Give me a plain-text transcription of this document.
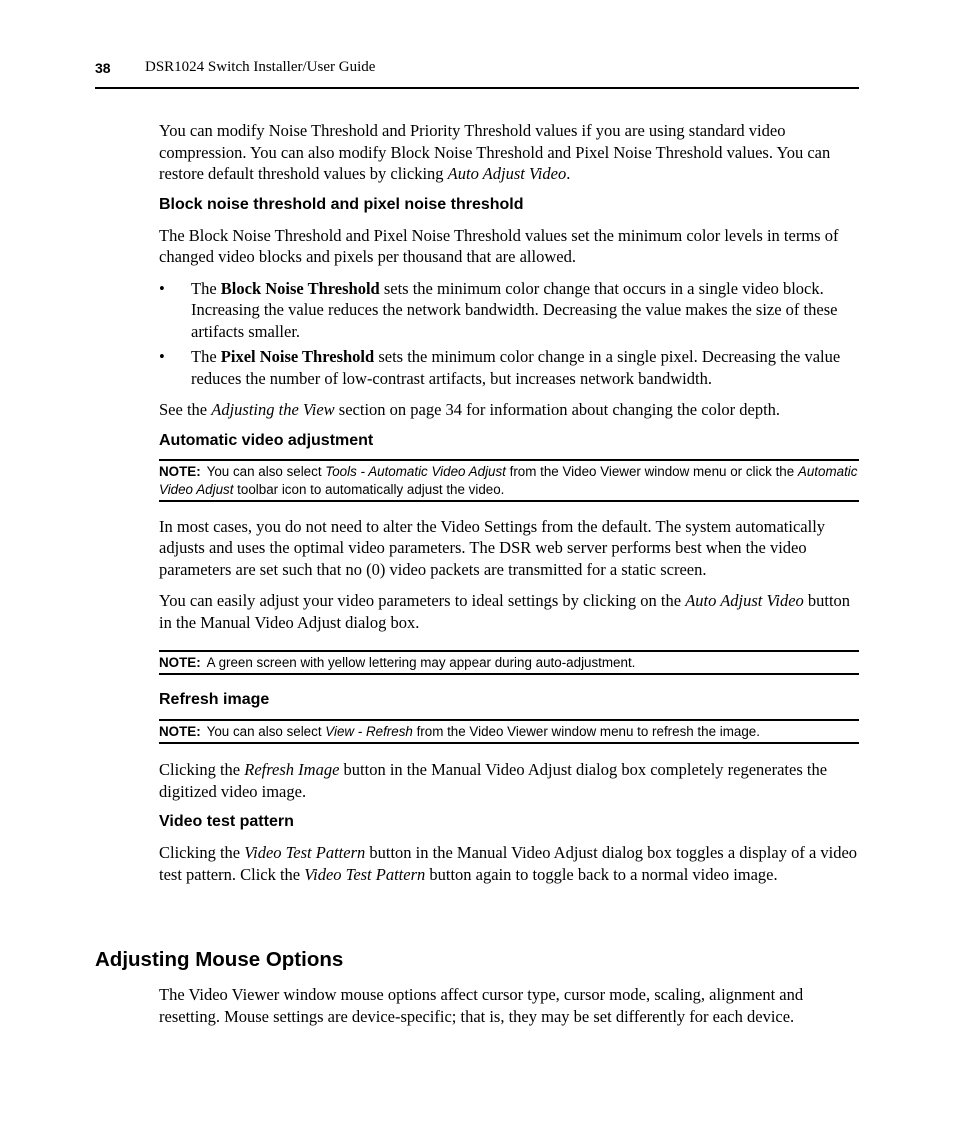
38 DSR1024 Switch Installer/User Guide

You can modify Noise Threshold and Priority Threshold values if you are using standard video compression. You can also modify Block Noise Threshold and Pixel Noise Threshold values. You can restore default threshold values by clicking Auto Adjust Video.

Block noise threshold and pixel noise threshold

The Block Noise Threshold and Pixel Noise Threshold values set the minimum color levels in terms of changed video blocks and pixels per thousand that are allowed.

• The Block Noise Threshold sets the minimum color change that occurs in a single video block. Increasing the value reduces the network bandwidth. Decreasing the value makes the size of these artifacts smaller.
• The Pixel Noise Threshold sets the minimum color change in a single pixel. Decreasing the value reduces the number of low-contrast artifacts, but increases network bandwidth.

See the Adjusting the View section on page 34 for information about changing the color depth.

Automatic video adjustment
NOTE: You can also select Tools - Automatic Video Adjust from the Video Viewer window menu or click the Automatic Video Adjust toolbar icon to automatically adjust the video.

In most cases, you do not need to alter the Video Settings from the default. The system automatically adjusts and uses the optimal video parameters. The DSR web server performs best when the video parameters are set such that no (0) video packets are transmitted for a static screen.

You can easily adjust your video parameters to ideal settings by clicking on the Auto Adjust Video button in the Manual Video Adjust dialog box.

NOTE: A green screen with yellow lettering may appear during auto-adjustment.
Refresh image
NOTE: You can also select View - Refresh from the Video Viewer window menu to refresh the image.

Clicking the Refresh Image button in the Manual Video Adjust dialog box completely regenerates the digitized video image.

Video test pattern

Clicking the Video Test Pattern button in the Manual Video Adjust dialog box toggles a display of a video test pattern. Click the Video Test Pattern button again to toggle back to a normal video image.

Adjusting Mouse Options

The Video Viewer window mouse options affect cursor type, cursor mode, scaling, alignment and resetting. Mouse settings are device-specific; that is, they may be set differently for each device.
